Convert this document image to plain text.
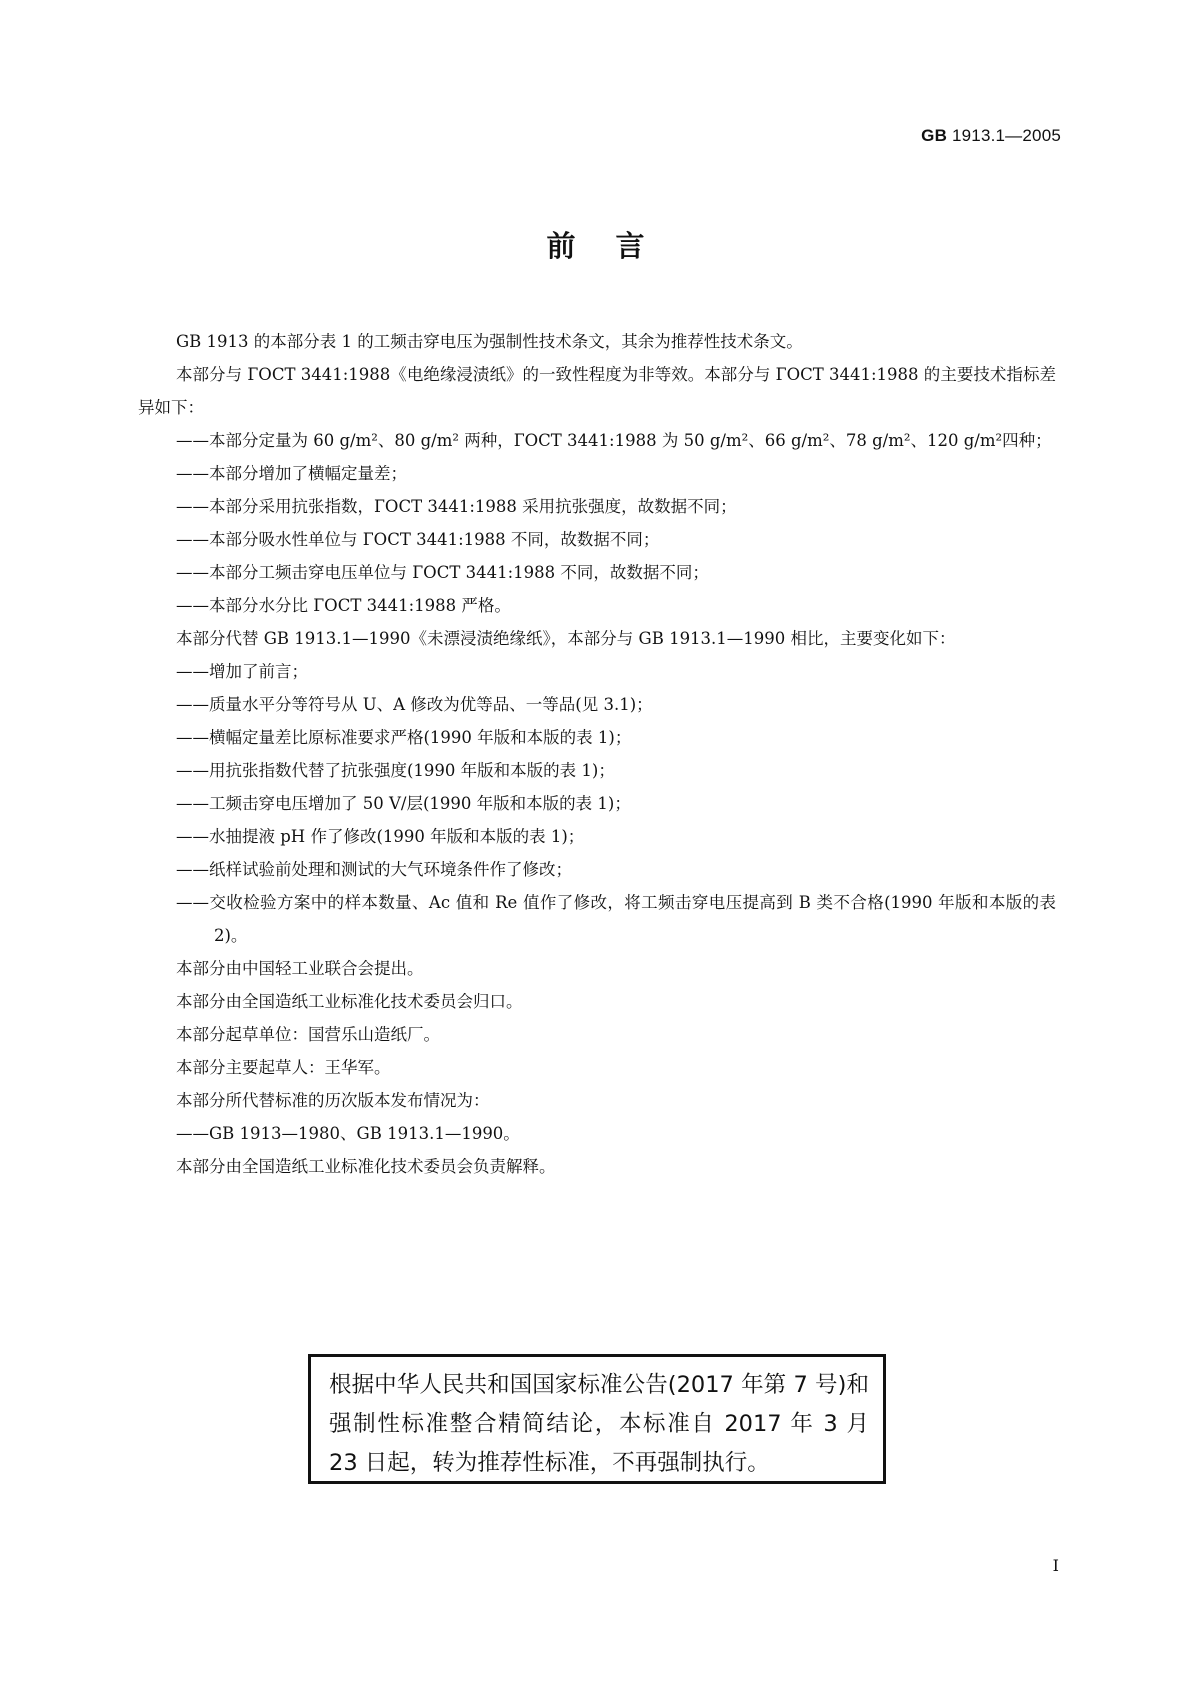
GB 1913.1—2005
前言

GB 1913 的本部分表 1 的工频击穿电压为强制性技术条文，其余为推荐性技术条文。

本部分与 ГОСТ 3441:1988《电绝缘浸渍纸》的一致性程度为非等效。本部分与 ГОСТ 3441:1988 的主要技术指标差异如下：

——本部分定量为 60 g/m²、80 g/m² 两种，ГОСТ 3441:1988 为 50 g/m²、66 g/m²、78 g/m²、120 g/m²四种；

——本部分增加了横幅定量差；

——本部分采用抗张指数，ГОСТ 3441:1988 采用抗张强度，故数据不同；

——本部分吸水性单位与 ГОСТ 3441:1988 不同，故数据不同；

——本部分工频击穿电压单位与 ГОСТ 3441:1988 不同，故数据不同；

——本部分水分比 ГОСТ 3441:1988 严格。

本部分代替 GB 1913.1—1990《未漂浸渍绝缘纸》，本部分与 GB 1913.1—1990 相比，主要变化如下：

——增加了前言；

——质量水平分等符号从 U、A 修改为优等品、一等品(见 3.1)；

——横幅定量差比原标准要求严格(1990 年版和本版的表 1)；

——用抗张指数代替了抗张强度(1990 年版和本版的表 1)；

——工频击穿电压增加了 50 V/层(1990 年版和本版的表 1)；

——水抽提液 pH 作了修改(1990 年版和本版的表 1)；

——纸样试验前处理和测试的大气环境条件作了修改；

——交收检验方案中的样本数量、Ac 值和 Re 值作了修改，将工频击穿电压提高到 B 类不合格(1990 年版和本版的表 2)。

本部分由中国轻工业联合会提出。

本部分由全国造纸工业标准化技术委员会归口。

本部分起草单位：国营乐山造纸厂。

本部分主要起草人：王华军。

本部分所代替标准的历次版本发布情况为：

——GB 1913—1980、GB 1913.1—1990。

本部分由全国造纸工业标准化技术委员会负责解释。

根据中华人民共和国国家标准公告(2017 年第 7 号)和强制性标准整合精简结论，本标准自 2017 年 3 月 23 日起，转为推荐性标准，不再强制执行。
I
